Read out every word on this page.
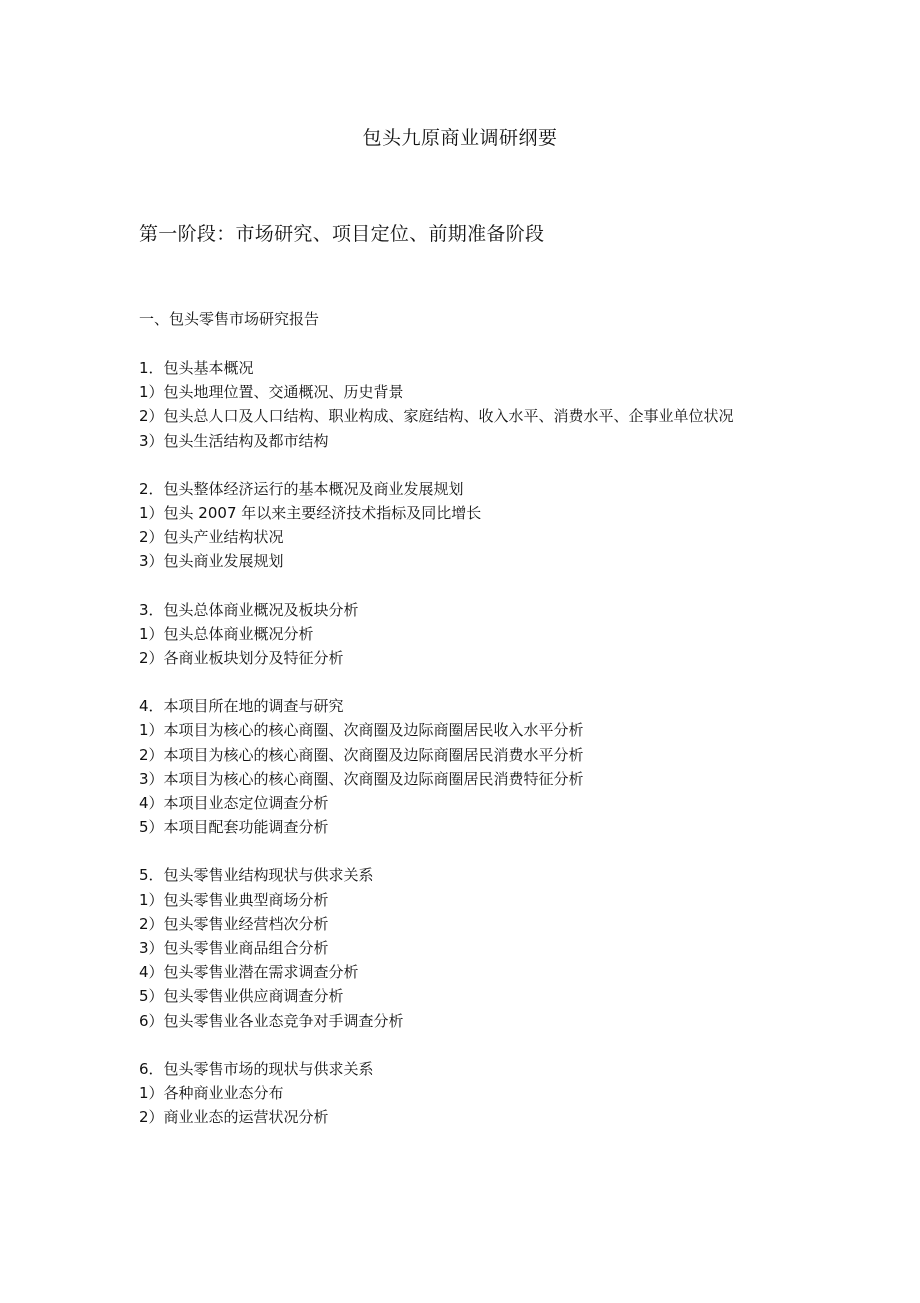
包头九原商业调研纲要
第一阶段：市场研究、项目定位、前期准备阶段
一、包头零售市场研究报告
1．包头基本概况
1）包头地理位置、交通概况、历史背景
2）包头总人口及人口结构、职业构成、家庭结构、收入水平、消费水平、企事业单位状况
3）包头生活结构及都市结构
2．包头整体经济运行的基本概况及商业发展规划
1）包头 2007 年以来主要经济技术指标及同比增长
2）包头产业结构状况
3）包头商业发展规划
3．包头总体商业概况及板块分析
1）包头总体商业概况分析
2）各商业板块划分及特征分析
4．本项目所在地的调查与研究
1）本项目为核心的核心商圈、次商圈及边际商圈居民收入水平分析
2）本项目为核心的核心商圈、次商圈及边际商圈居民消费水平分析
3）本项目为核心的核心商圈、次商圈及边际商圈居民消费特征分析
4）本项目业态定位调查分析
5）本项目配套功能调查分析
5．包头零售业结构现状与供求关系
1）包头零售业典型商场分析
2）包头零售业经营档次分析
3）包头零售业商品组合分析
4）包头零售业潜在需求调查分析
5）包头零售业供应商调查分析
6）包头零售业各业态竞争对手调查分析
6．包头零售市场的现状与供求关系
1）各种商业业态分布
2）商业业态的运营状况分析
